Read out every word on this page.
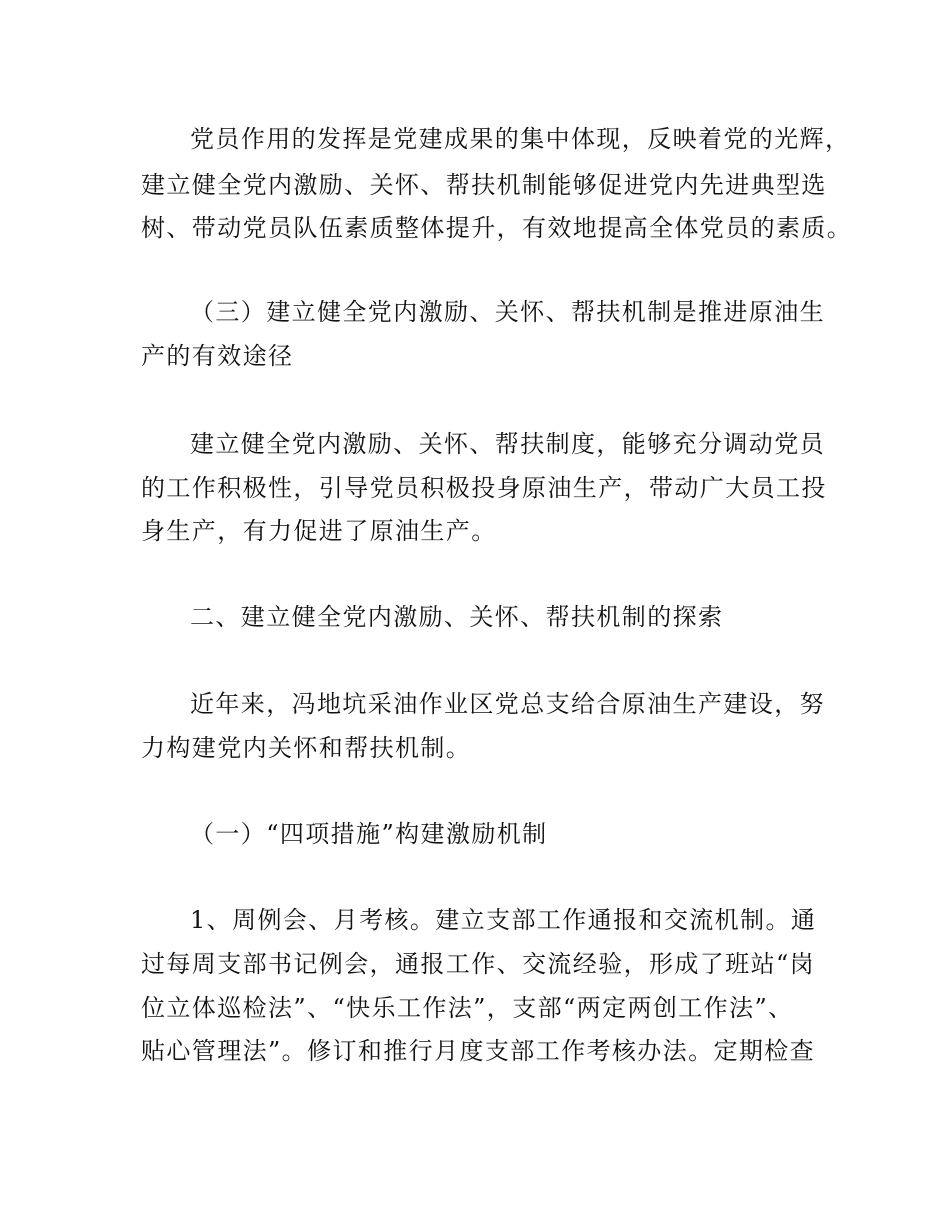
党员作用的发挥是党建成果的集中体现，反映着党的光辉，
建立健全党内激励、关怀、帮扶机制能够促进党内先进典型选
树、带动党员队伍素质整体提升，有效地提高全体党员的素质。
（三）建立健全党内激励、关怀、帮扶机制是推进原油生
产的有效途径
建立健全党内激励、关怀、帮扶制度，能够充分调动党员
的工作积极性，引导党员积极投身原油生产，带动广大员工投
身生产，有力促进了原油生产。
二、建立健全党内激励、关怀、帮扶机制的探索
近年来，冯地坑采油作业区党总支给合原油生产建设，努
力构建党内关怀和帮扶机制。
（一）“四项措施”构建激励机制
1、周例会、月考核。建立支部工作通报和交流机制。通
过每周支部书记例会，通报工作、交流经验，形成了班站“岗
位立体巡检法”、“快乐工作法”，支部“两定两创工作法”、
贴心管理法”。修订和推行月度支部工作考核办法。定期检查
